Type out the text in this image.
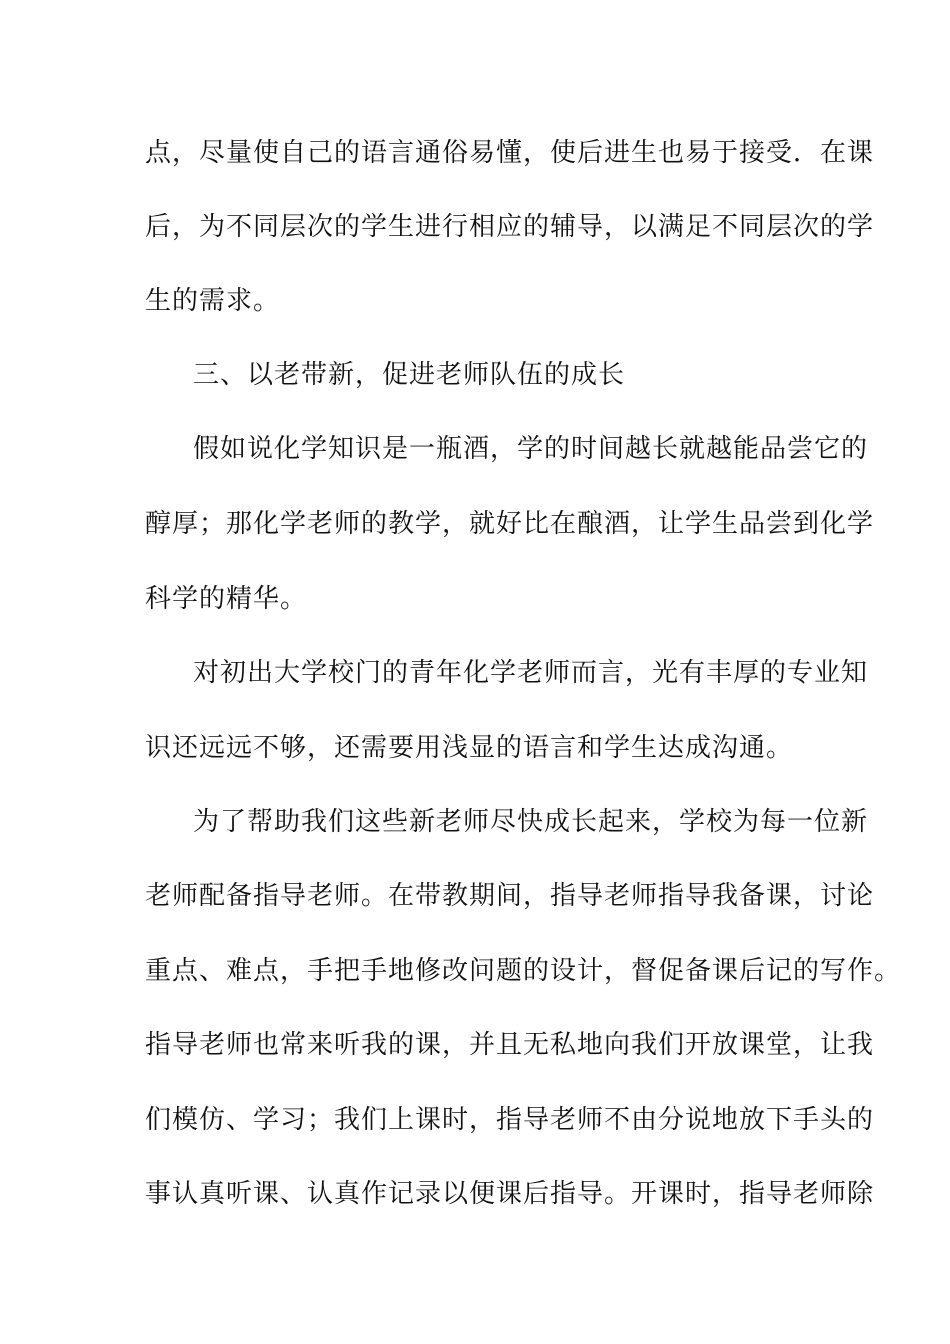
点，尽量使自己的语言通俗易懂，使后进生也易于接受．在课
后，为不同层次的学生进行相应的辅导，以满足不同层次的学
生的需求。
三、以老带新，促进老师队伍的成长
假如说化学知识是一瓶酒，学的时间越长就越能品尝它的
醇厚；那化学老师的教学，就好比在酿酒，让学生品尝到化学
科学的精华。
对初出大学校门的青年化学老师而言，光有丰厚的专业知
识还远远不够，还需要用浅显的语言和学生达成沟通。
为了帮助我们这些新老师尽快成长起来，学校为每一位新
老师配备指导老师。在带教期间，指导老师指导我备课，讨论
重点、难点，手把手地修改问题的设计，督促备课后记的写作。
指导老师也常来听我的课，并且无私地向我们开放课堂，让我
们模仿、学习；我们上课时，指导老师不由分说地放下手头的
事认真听课、认真作记录以便课后指导。开课时，指导老师除
